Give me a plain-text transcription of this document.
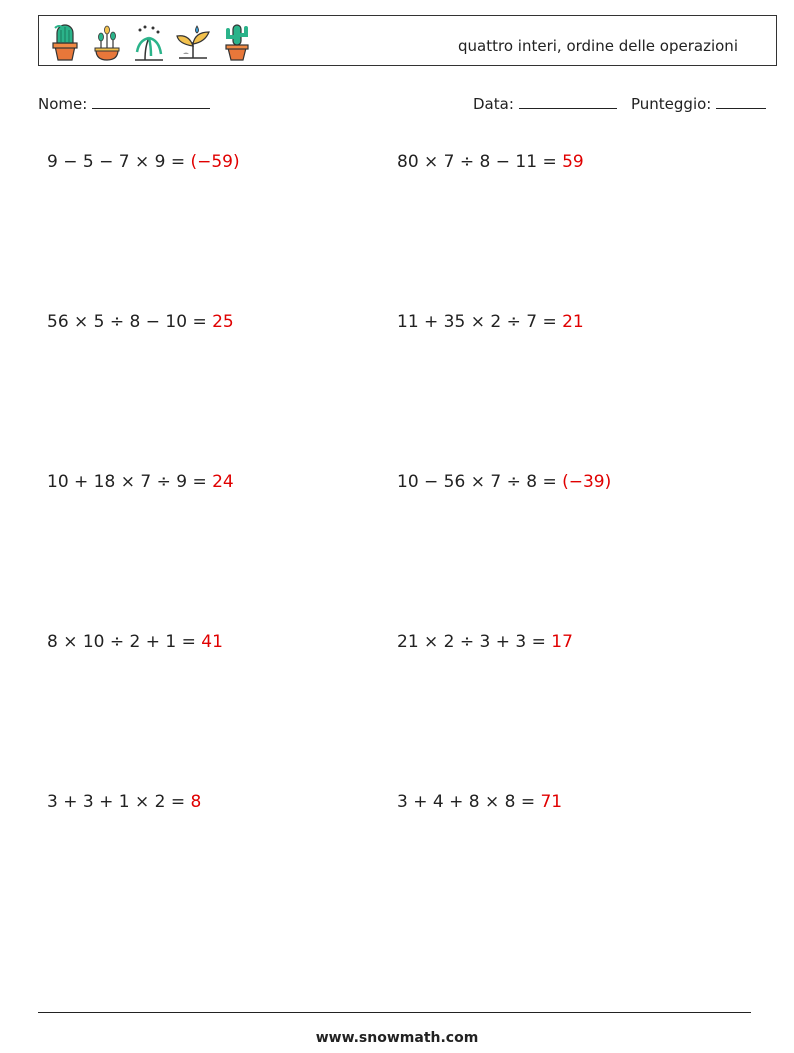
quattro interi, ordine delle operazioni
Nome:	Data:	Punteggio:
9 − 5 − 7 × 9 = (−59)	80 × 7 ÷ 8 − 11 = 59
56 × 5 ÷ 8 − 10 = 25	11 + 35 × 2 ÷ 7 = 21
10 + 18 × 7 ÷ 9 = 24	10 − 56 × 7 ÷ 8 = (−39)
8 × 10 ÷ 2 + 1 = 41	21 × 2 ÷ 3 + 3 = 17
3 + 3 + 1 × 2 = 8	3 + 4 + 8 × 8 = 71
www.snowmath.com
